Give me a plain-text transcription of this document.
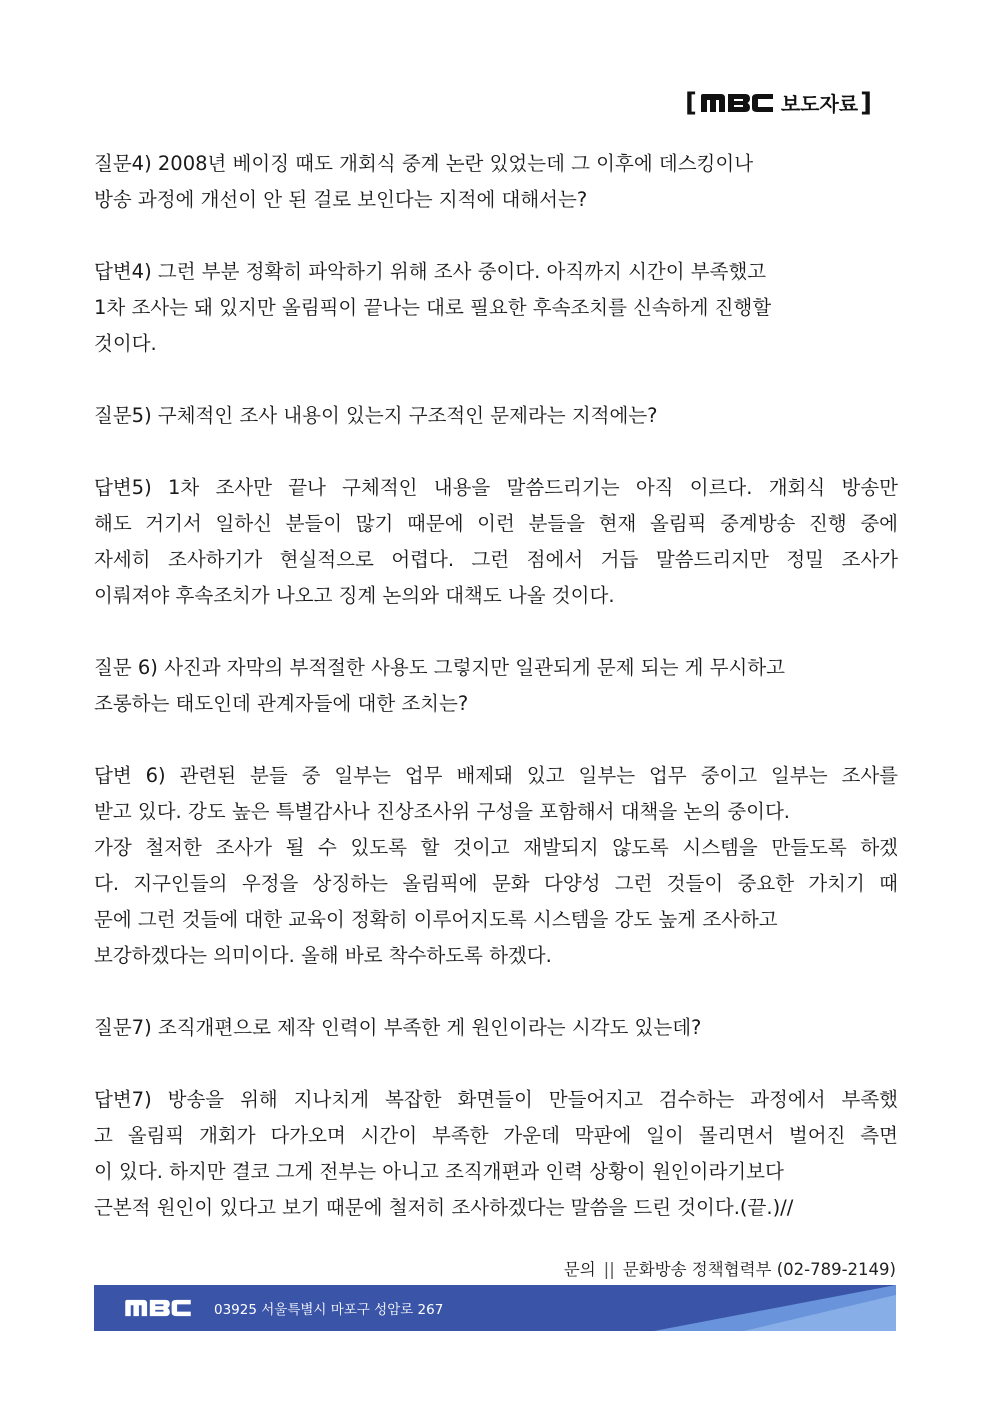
[	보도자료 ]
질문4) 2008년 베이징 때도 개회식 중계 논란 있었는데 그 이후에 데스킹이나
방송 과정에 개선이 안 된 걸로 보인다는 지적에 대해서는?
답변4) 그런 부분 정확히 파악하기 위해 조사 중이다. 아직까지 시간이 부족했고
1차 조사는 돼 있지만 올림픽이 끝나는 대로 필요한 후속조치를 신속하게 진행할
것이다.
질문5) 구체적인 조사 내용이 있는지 구조적인 문제라는 지적에는?
답변5) 1차 조사만 끝나 구체적인 내용을 말씀드리기는 아직 이르다. 개회식 방송만
해도 거기서 일하신 분들이 많기 때문에 이런 분들을 현재 올림픽 중계방송 진행 중에
자세히 조사하기가 현실적으로 어렵다. 그런 점에서 거듭 말씀드리지만 정밀 조사가
이뤄져야 후속조치가 나오고 징계 논의와 대책도 나올 것이다.
질문 6) 사진과 자막의 부적절한 사용도 그렇지만 일관되게 문제 되는 게 무시하고
조롱하는 태도인데 관계자들에 대한 조치는?
답변 6) 관련된 분들 중 일부는 업무 배제돼 있고 일부는 업무 중이고 일부는 조사를
받고 있다. 강도 높은 특별감사나 진상조사위 구성을 포함해서 대책을 논의 중이다.
가장 철저한 조사가 될 수 있도록 할 것이고 재발되지 않도록 시스템을 만들도록 하겠
다. 지구인들의 우정을 상징하는 올림픽에 문화 다양성 그런 것들이 중요한 가치기 때
문에 그런 것들에 대한 교육이 정확히 이루어지도록 시스템을 강도 높게 조사하고
보강하겠다는 의미이다. 올해 바로 착수하도록 하겠다.
질문7) 조직개편으로 제작 인력이 부족한 게 원인이라는 시각도 있는데?
답변7) 방송을 위해 지나치게 복잡한 화면들이 만들어지고 검수하는 과정에서 부족했
고 올림픽 개회가 다가오며 시간이 부족한 가운데 막판에 일이 몰리면서 벌어진 측면
이 있다. 하지만 결코 그게 전부는 아니고 조직개편과 인력 상황이 원인이라기보다
근본적 원인이 있다고 보기 때문에 철저히 조사하겠다는 말씀을 드린 것이다.(끝.)//
문의 || 문화방송 정책협력부 (02-789-2149)
03925 서울특별시 마포구 성암로 267
